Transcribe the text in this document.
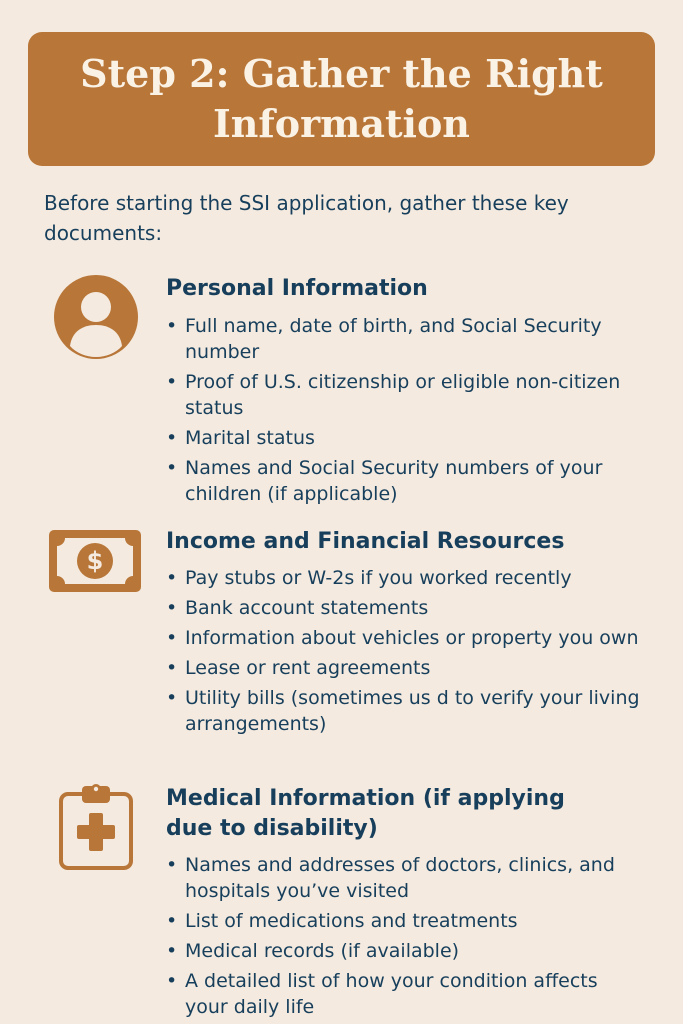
Step 2: Gather the Right Information
Before starting the SSI application, gather these key documents:
Personal Information
• Full name, date of birth, and Social Security number
• Proof of U.S. citizenship or eligible non-citizen status
• Marital status
• Names and Social Security numbers of your children (if applicable)
$
Income and Financial Resources
• Pay stubs or W-2s if you worked recently
• Bank account statements
• Information about vehicles or property you own
• Lease or rent agreements
• Utility bills (sometimes us d to verify your living arrangements)
Medical Information (if applying due to disability)
• Names and addresses of doctors, clinics, and hospitals you’ve visited
• List of medications and treatments
• Medical records (if available)
• A detailed list of how your condition affects your daily life
